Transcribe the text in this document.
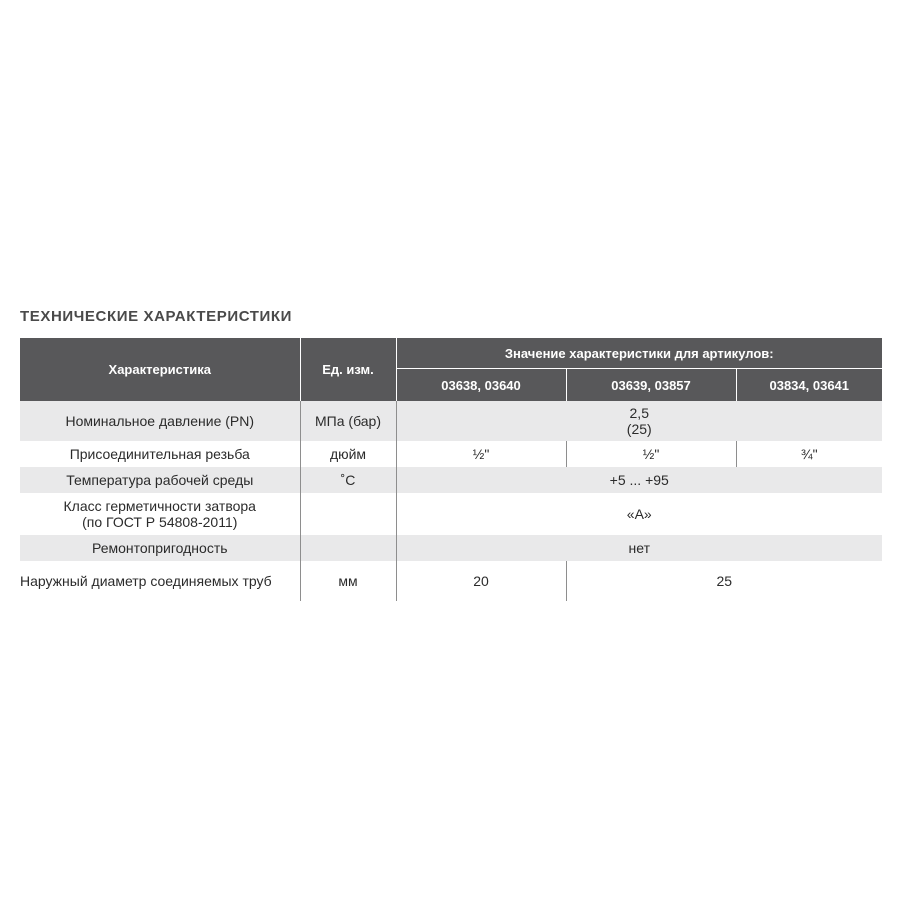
ТЕХНИЧЕСКИЕ ХАРАКТЕРИСТИКИ
Характеристика	Ед. изм.	Значение характеристики для артикулов:		
		03638, 03640	03639, 03857	03834, 03641
Номинальное давление (PN)	МПа (бар)	2,5
(25)		

Присоединительная резьба	дюйм	½"	½"	¾"
Температура рабочей среды	˚С	+5 ... +95		

Класс герметичности затвора
(по ГОСТ Р 54808-2011)		«А»		
Ремонтопригодность		нет		
Наружный диаметр соединяемых труб	мм	20	25	
